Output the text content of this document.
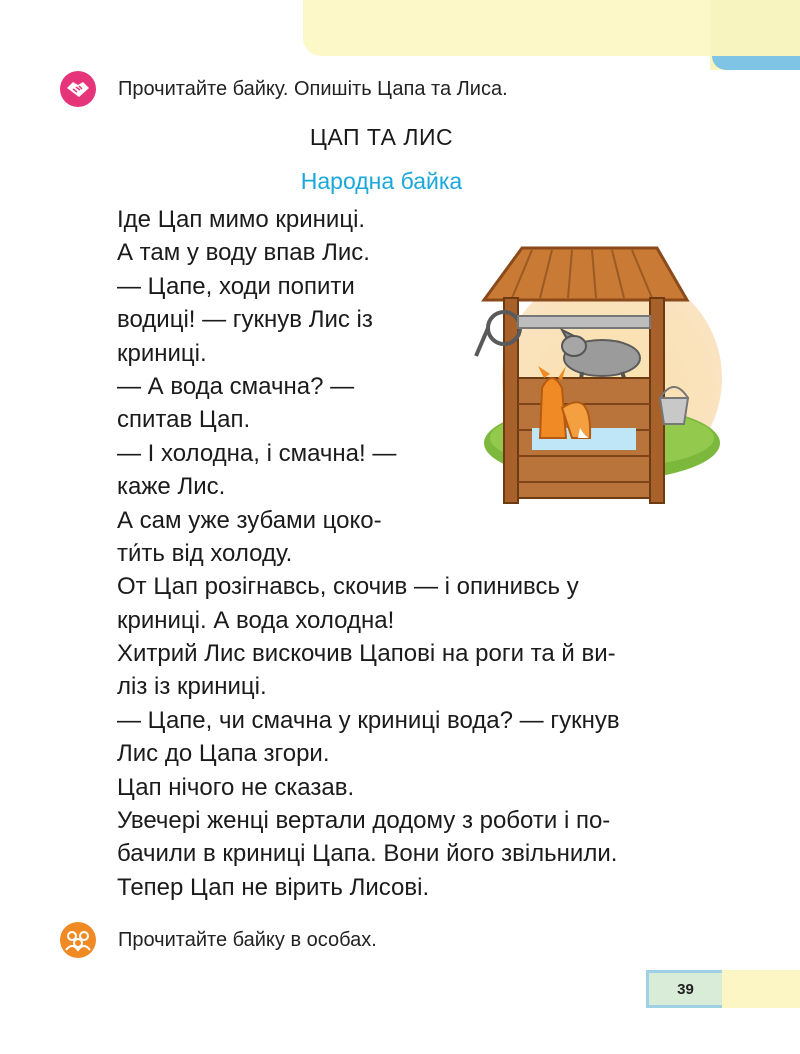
Прочитайте байку. Опишіть Цапа та Лиса.
ЦАП ТА ЛИС
Народна байка
Іде Цап мимо криниці.
А там у воду впав Лис.
— Цапе, ходи попити
водиці! — гукнув Лис із
криниці.
— А вода смачна? —
спитав Цап.
— І холодна, і смачна! —
каже Лис.
А сам уже зубами цоко-
ти́ть від холоду.
От Цап розігнавсь, скочив — і опинивсь у
криниці. А вода холодна!
Хитрий Лис вискочив Цапові на роги та й ви-
ліз із криниці.
— Цапе, чи смачна у криниці вода? — гукнув
Лис до Цапа згори.
Цап нічого не сказав.
Увечері женці вертали додому з роботи і по-
бачили в криниці Цапа. Вони його звільнили.
Тепер Цап не вірить Лисові.
Прочитайте байку в особах.
39
